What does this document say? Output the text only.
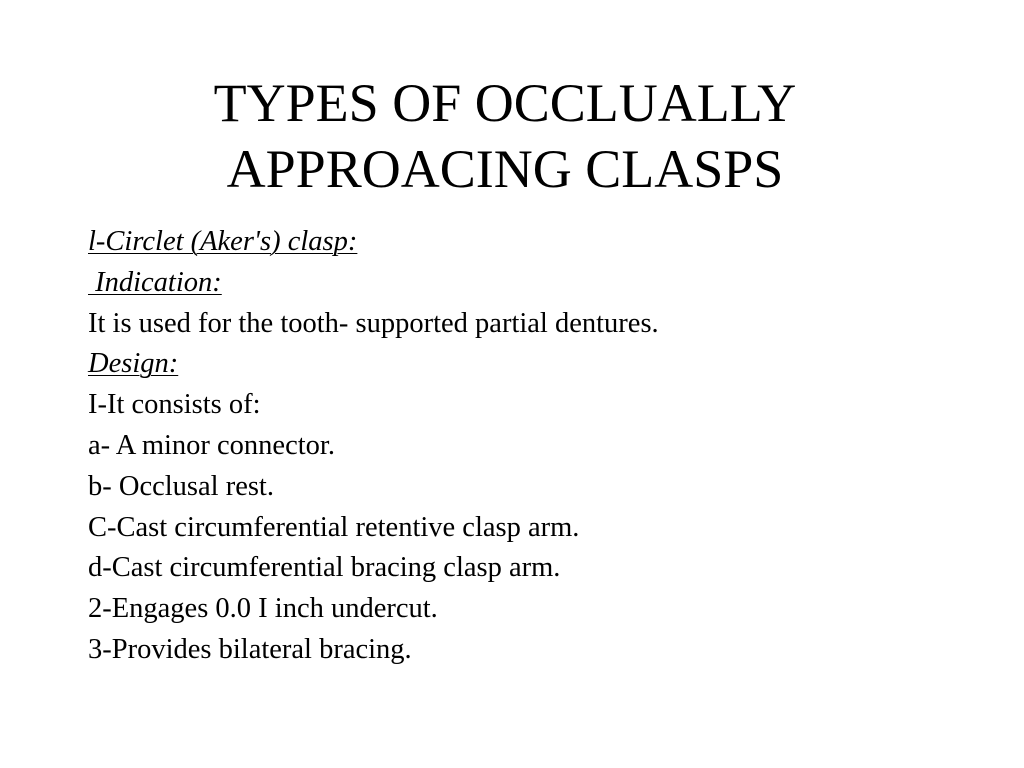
TYPES OF OCCLUALLY
APPROACING CLASPS

l-Circlet (Aker's) clasp:

Indication:

It is used for the tooth- supported partial dentures.

Design:

I-It consists of:

a- A minor connector.

b- Occlusal rest.

C-Cast circumferential retentive clasp arm.

d-Cast circumferential bracing clasp arm.

2-Engages 0.0 I inch undercut.

3-Provides bilateral bracing.
